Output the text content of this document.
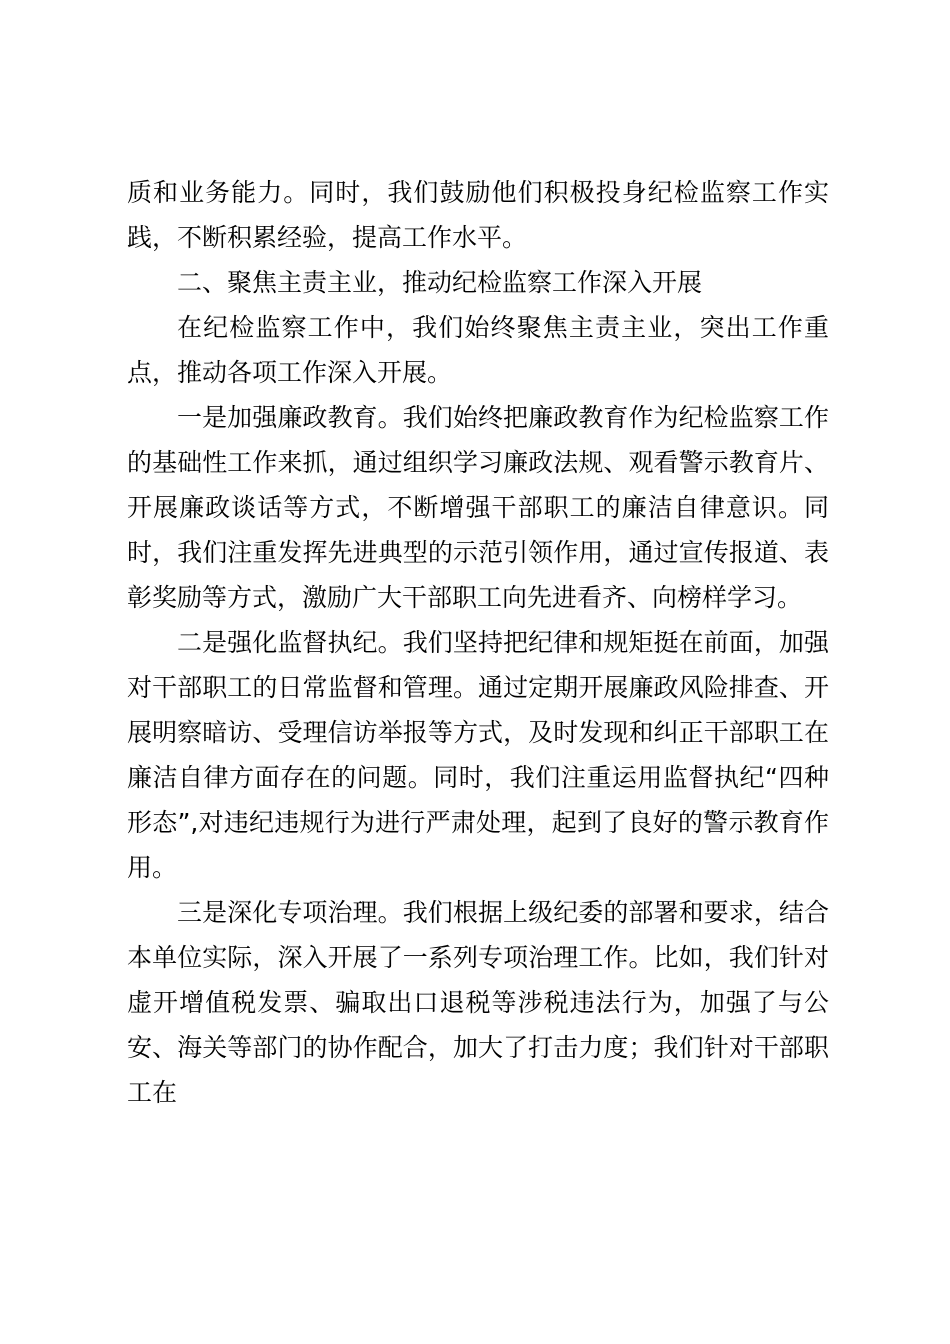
质和业务能力。同时，我们鼓励他们积极投身纪检监察工作实践，不断积累经验，提高工作水平。

二、聚焦主责主业，推动纪检监察工作深入开展

在纪检监察工作中，我们始终聚焦主责主业，突出工作重点，推动各项工作深入开展。

一是加强廉政教育。我们始终把廉政教育作为纪检监察工作的基础性工作来抓，通过组织学习廉政法规、观看警示教育片、开展廉政谈话等方式，不断增强干部职工的廉洁自律意识。同时，我们注重发挥先进典型的示范引领作用，通过宣传报道、表彰奖励等方式，激励广大干部职工向先进看齐、向榜样学习。

二是强化监督执纪。我们坚持把纪律和规矩挺在前面，加强对干部职工的日常监督和管理。通过定期开展廉政风险排查、开展明察暗访、受理信访举报等方式，及时发现和纠正干部职工在廉洁自律方面存在的问题。同时，我们注重运用监督执纪“四种形态”,对违纪违规行为进行严肃处理，起到了良好的警示教育作用。

三是深化专项治理。我们根据上级纪委的部署和要求，结合本单位实际，深入开展了一系列专项治理工作。比如，我们针对虚开增值税发票、骗取出口退税等涉税违法行为，加强了与公安、海关等部门的协作配合，加大了打击力度；我们针对干部职工在
